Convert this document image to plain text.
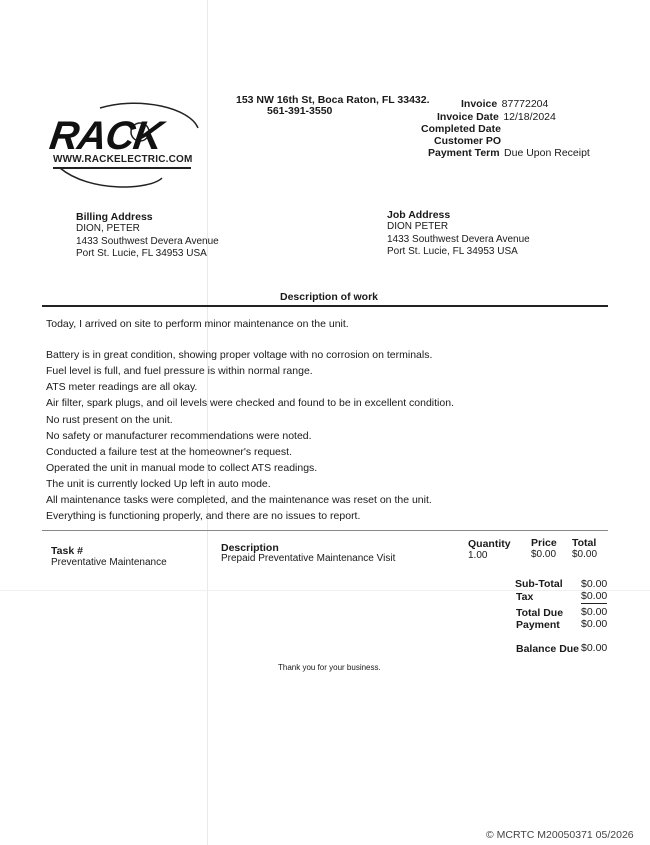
RACK
WWW.RACKELECTRIC.COM
153 NW 16th St, Boca Raton, FL 33432.
561-391-3550
Invoice 87772204
Invoice Date 12/18/2024
Completed Date
Customer PO
Payment Term Due Upon Receipt
Billing Address
DION, PETER
1433 Southwest Devera Avenue
Port St. Lucie, FL 34953 USA
Job Address
DION PETER
1433 Southwest Devera Avenue
Port St. Lucie, FL 34953 USA
Description of work
Today, I arrived on site to perform minor maintenance on the unit.
Battery is in great condition, showing proper voltage with no corrosion on terminals.
Fuel level is full, and fuel pressure is within normal range.
ATS meter readings are all okay.
Air filter, spark plugs, and oil levels were checked and found to be in excellent condition.
No rust present on the unit.
No safety or manufacturer recommendations were noted.
Conducted a failure test at the homeowner's request.
Operated the unit in manual mode to collect ATS readings.
The unit is currently locked Up left in auto mode.
All maintenance tasks were completed, and the maintenance was reset on the unit.
Everything is functioning properly, and there are no issues to report.
Task #	Description	Quantity Price Total
Preventative Maintenance	Prepaid Preventative Maintenance Visit	1.00	$0.00 $0.00
Sub-Total $0.00
Tax	$0.00
Total Due $0.00
Payment $0.00
Balance Due $0.00
Thank you for your business.
© MCRTC M20050371 05/2026
